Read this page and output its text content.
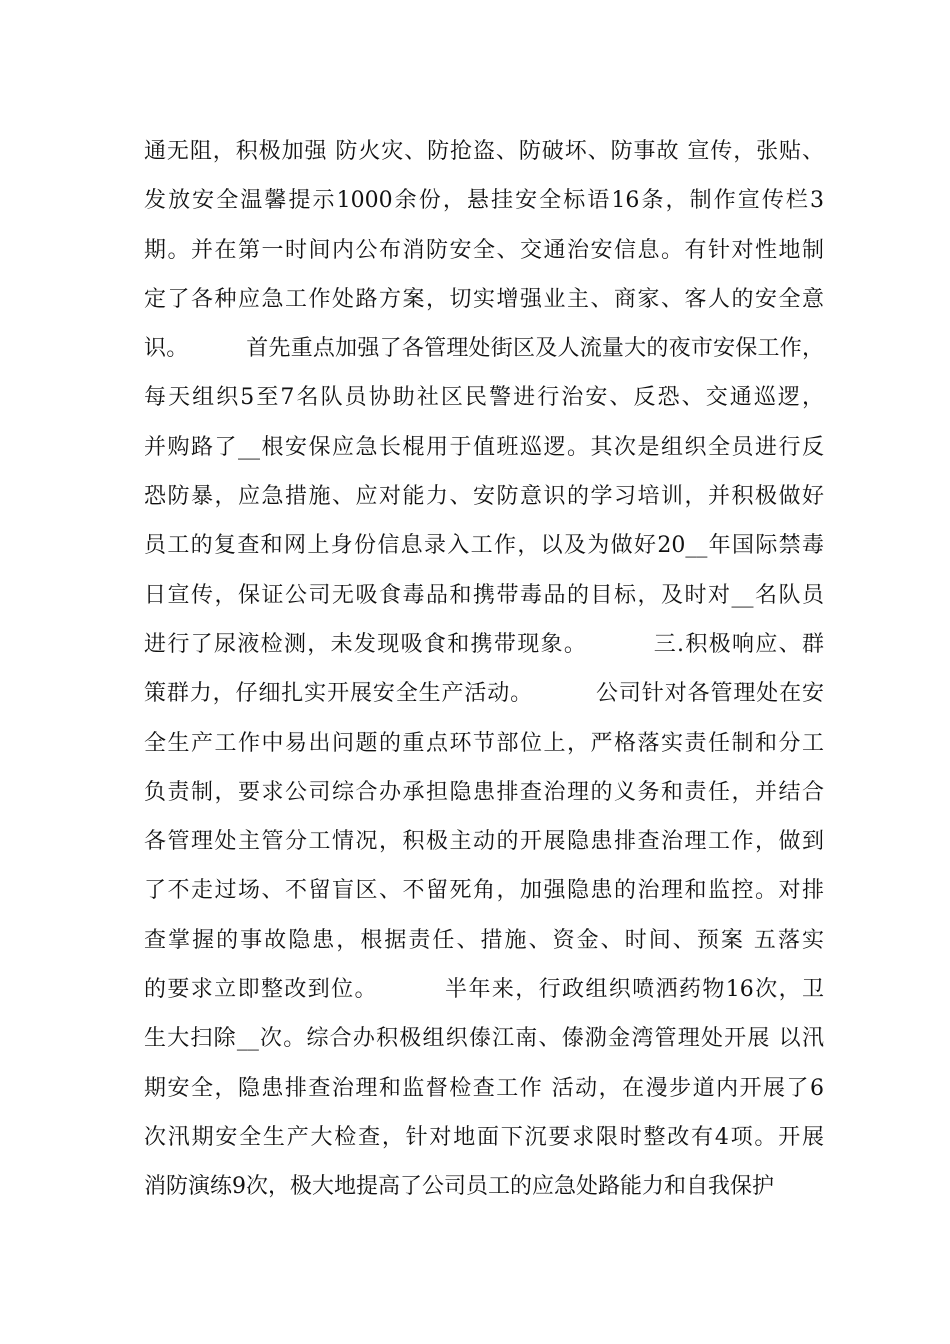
通无阻，积极加强 防火灾、防抢盗、防破坏、防事故 宣传，张贴、
发放安全温馨提示1000余份，悬挂安全标语16条，制作宣传栏3
期。并在第一时间内公布消防安全、交通治安信息。有针对性地制
定了各种应急工作处路方案，切实增强业主、商家、客人的安全意
识。        首先重点加强了各管理处街区及人流量大的夜市安保工作，
每天组织5至7名队员协助社区民警进行治安、反恐、交通巡逻，
并购路了__根安保应急长棍用于值班巡逻。其次是组织全员进行反
恐防暴，应急措施、应对能力、安防意识的学习培训，并积极做好
员工的复查和网上身份信息录入工作，以及为做好20__年国际禁毒
日宣传，保证公司无吸食毒品和携带毒品的目标，及时对__名队员
进行了尿液检测，未发现吸食和携带现象。        三.积极响应、群
策群力，仔细扎实开展安全生产活动。        公司针对各管理处在安
全生产工作中易出问题的重点环节部位上，严格落实责任制和分工
负责制，要求公司综合办承担隐患排查治理的义务和责任，并结合
各管理处主管分工情况，积极主动的开展隐患排查治理工作，做到
了不走过场、不留盲区、不留死角，加强隐患的治理和监控。对排
查掌握的事故隐患，根据责任、措施、资金、时间、预案 五落实
的要求立即整改到位。        半年来，行政组织喷洒药物16次，卫
生大扫除__次。综合办积极组织傣江南、傣泐金湾管理处开展 以汛
期安全，隐患排查治理和监督检查工作 活动，在漫步道内开展了6
次汛期安全生产大检查，针对地面下沉要求限时整改有4项。开展
消防演练9次，极大地提高了公司员工的应急处路能力和自我保护
